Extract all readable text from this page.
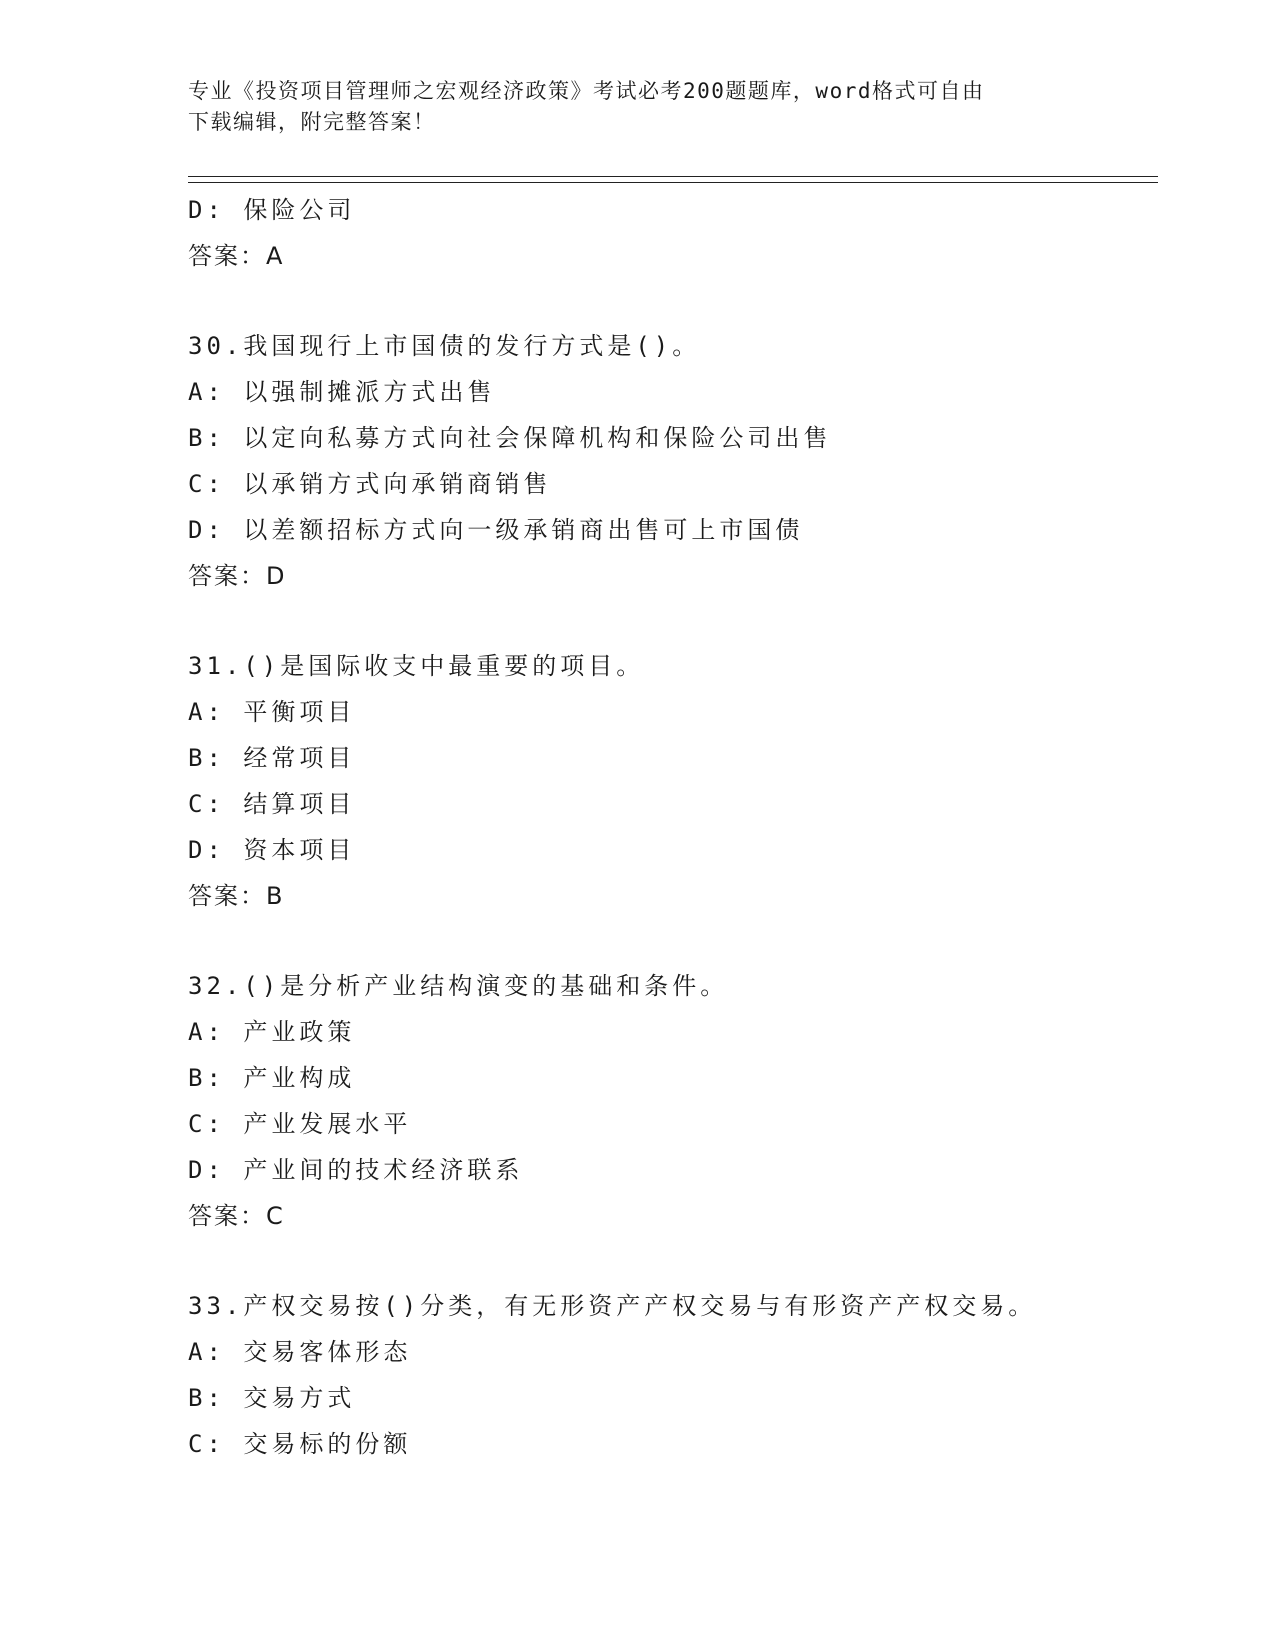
专业《投资项目管理师之宏观经济政策》考试必考200题题库，word格式可自由
下载编辑，附完整答案！
D: 保险公司
答案：A
30.我国现行上市国债的发行方式是()。
A: 以强制摊派方式出售
B: 以定向私募方式向社会保障机构和保险公司出售
C: 以承销方式向承销商销售
D: 以差额招标方式向一级承销商出售可上市国债
答案：D
31.()是国际收支中最重要的项目。
A: 平衡项目
B: 经常项目
C: 结算项目
D: 资本项目
答案：B
32.()是分析产业结构演变的基础和条件。
A: 产业政策
B: 产业构成
C: 产业发展水平
D: 产业间的技术经济联系
答案：C
33.产权交易按()分类，有无形资产产权交易与有形资产产权交易。
A: 交易客体形态
B: 交易方式
C: 交易标的份额
